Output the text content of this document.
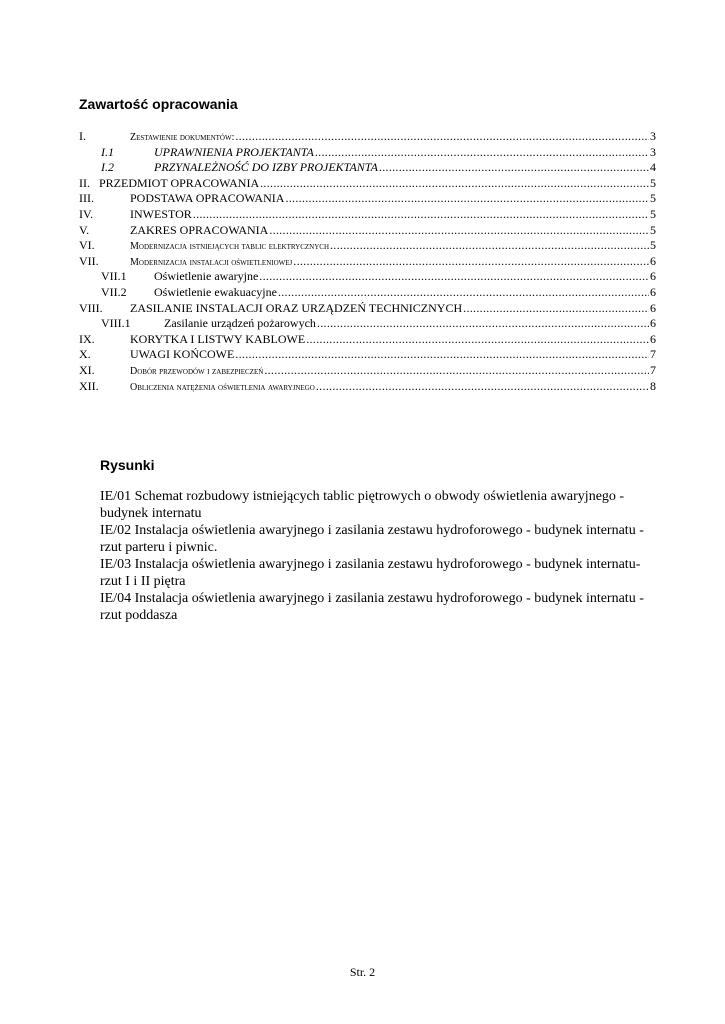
Zawartość opracowania
I.	Zestawienie dokumentów: .....	3
I.1	UPRAWNIENIA PROJEKTANTA .....	3
I.2	PRZYNALEŻNOŚĆ DO IZBY PROJEKTANTA .....	4
II. PRZEDMIOT OPRACOWANIA .....	5
III.	PODSTAWA OPRACOWANIA .....	5
IV.	INWESTOR .....	5
V.	ZAKRES OPRACOWANIA .....	5
VI.	Modernizacja istniejących tablic elektrycznych .....	5
VII.	Modernizacja instalacji oświetleniowej .....	6
VII.1	Oświetlenie awaryjne .....	6
VII.2	Oświetlenie ewakuacyjne .....	6
VIII.	ZASILANIE INSTALACJI ORAZ URZĄDZEŃ TECHNICZNYCH .....	6
VIII.1	Zasilanie urządzeń pożarowych .....	6
IX.	KORYTKA I LISTWY KABLOWE .....	6
X.	UWAGI KOŃCOWE .....	7
XI.	Dobór przewodów i zabezpieczeń .....	7
XII.	Obliczenia natężenia oświetlenia awaryjnego .....	8
Rysunki

IE/01 Schemat rozbudowy istniejących tablic piętrowych o obwody oświetlenia awaryjnego - budynek internatu

IE/02 Instalacja oświetlenia awaryjnego i zasilania zestawu hydroforowego - budynek internatu - rzut parteru i piwnic.

IE/03 Instalacja oświetlenia awaryjnego i zasilania zestawu hydroforowego - budynek internatu- rzut I i II piętra

IE/04 Instalacja oświetlenia awaryjnego i zasilania zestawu hydroforowego - budynek internatu - rzut poddasza

Str. 2
